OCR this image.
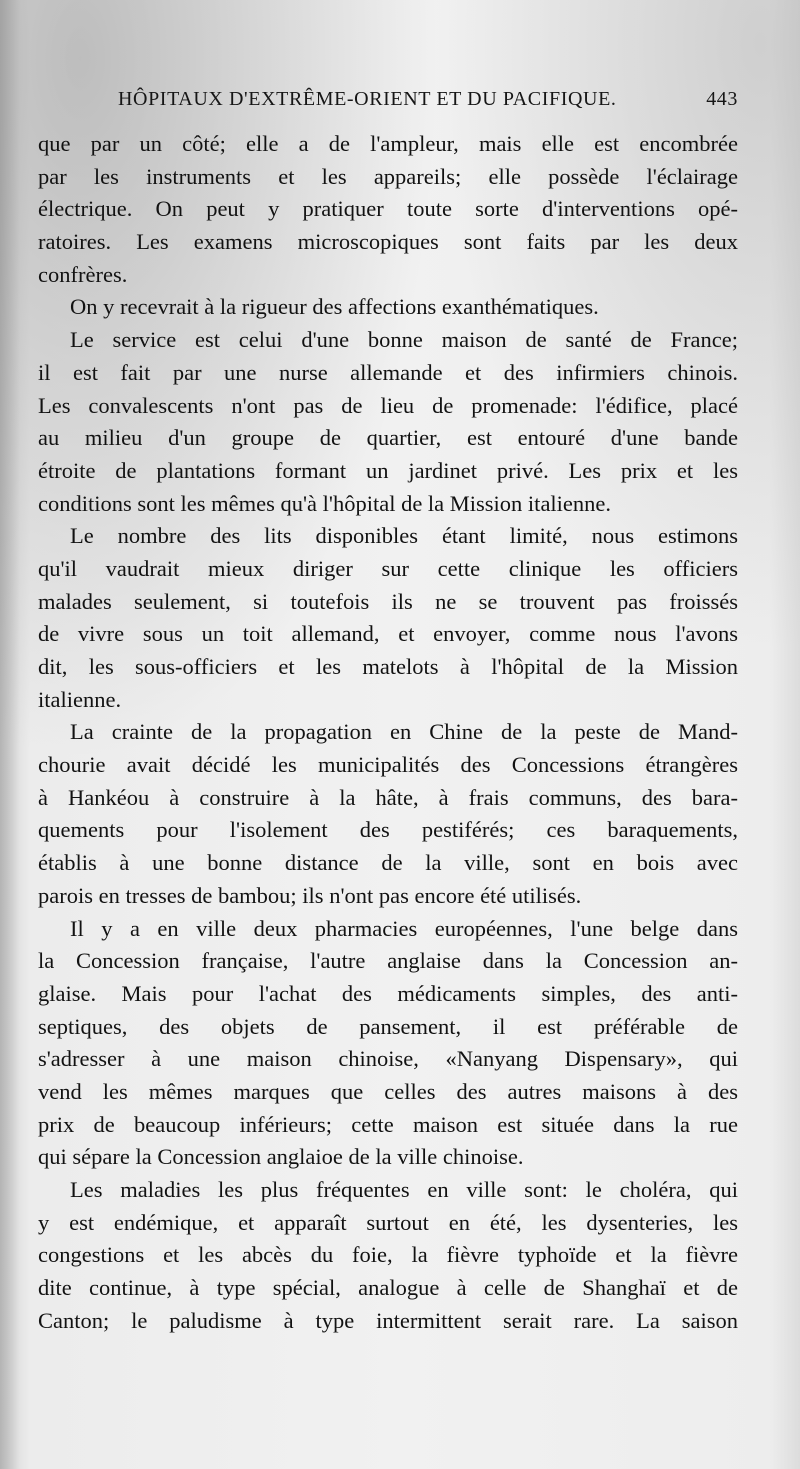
HÔPITAUX D'EXTRÊME-ORIENT ET DU PACIFIQUE.	443
que par un côté; elle a de l'ampleur, mais elle est encombrée
par les instruments et les appareils; elle possède l'éclairage
électrique. On peut y pratiquer toute sorte d'interventions opé-
ratoires. Les examens microscopiques sont faits par les deux
confrères.
On y recevrait à la rigueur des affections exanthématiques.
Le service est celui d'une bonne maison de santé de France;
il est fait par une nurse allemande et des infirmiers chinois.
Les convalescents n'ont pas de lieu de promenade: l'édifice, placé
au milieu d'un groupe de quartier, est entouré d'une bande
étroite de plantations formant un jardinet privé. Les prix et les
conditions sont les mêmes qu'à l'hôpital de la Mission italienne.
Le nombre des lits disponibles étant limité, nous estimons
qu'il vaudrait mieux diriger sur cette clinique les officiers
malades seulement, si toutefois ils ne se trouvent pas froissés
de vivre sous un toit allemand, et envoyer, comme nous l'avons
dit, les sous-officiers et les matelots à l'hôpital de la Mission
italienne.
La crainte de la propagation en Chine de la peste de Mand-
chourie avait décidé les municipalités des Concessions étrangères
à Hankéou à construire à la hâte, à frais communs, des bara-
quements pour l'isolement des pestiférés; ces baraquements,
établis à une bonne distance de la ville, sont en bois avec
parois en tresses de bambou; ils n'ont pas encore été utilisés.
Il y a en ville deux pharmacies européennes, l'une belge dans
la Concession française, l'autre anglaise dans la Concession an-
glaise. Mais pour l'achat des médicaments simples, des anti-
septiques, des objets de pansement, il est préférable de
s'adresser à une maison chinoise, «Nanyang Dispensary», qui
vend les mêmes marques que celles des autres maisons à des
prix de beaucoup inférieurs; cette maison est située dans la rue
qui sépare la Concession anglaioe de la ville chinoise.
Les maladies les plus fréquentes en ville sont: le choléra, qui
y est endémique, et apparaît surtout en été, les dysenteries, les
congestions et les abcès du foie, la fièvre typhoïde et la fièvre
dite continue, à type spécial, analogue à celle de Shanghaï et de
Canton; le paludisme à type intermittent serait rare. La saison
